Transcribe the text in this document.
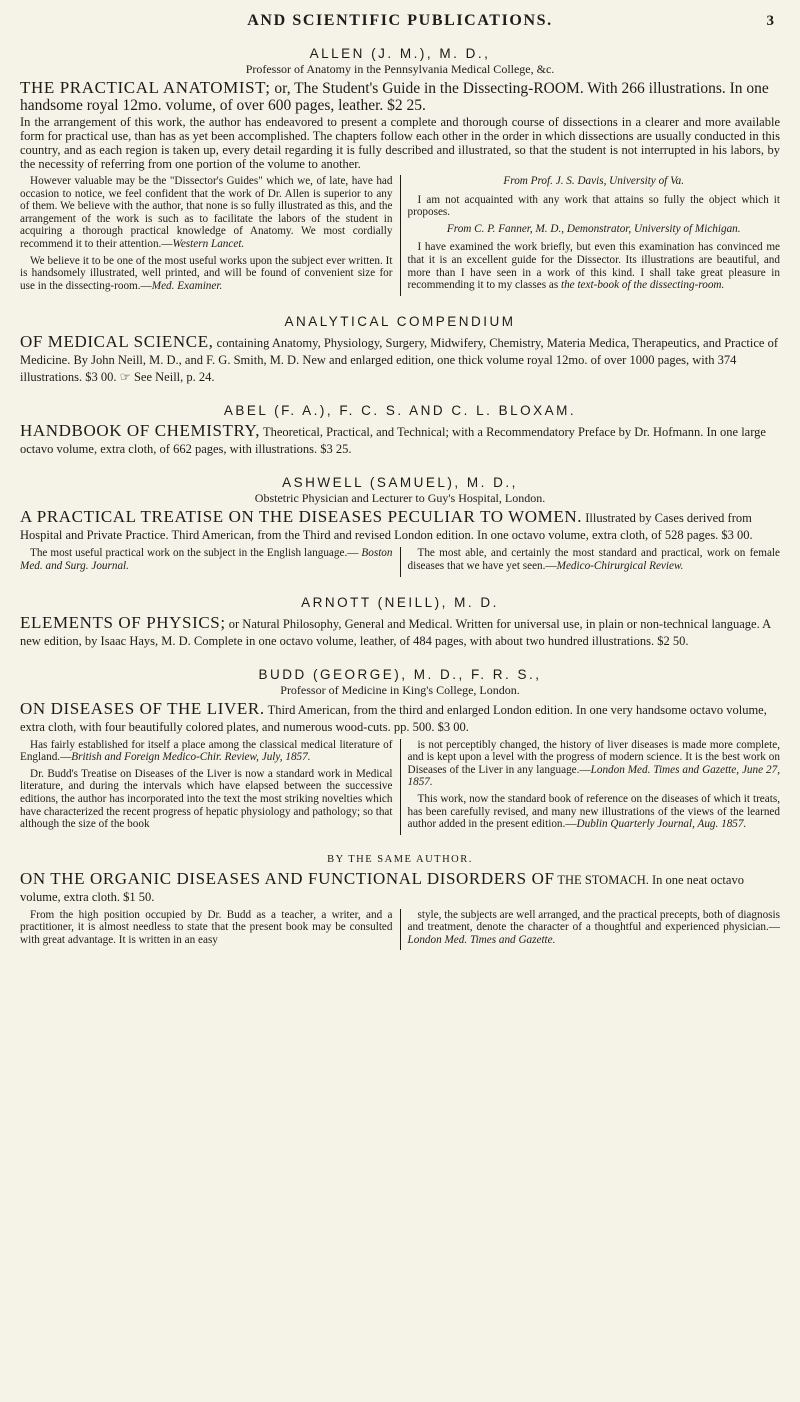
AND SCIENTIFIC PUBLICATIONS.	3
ALLEN (J. M.), M. D.,
Professor of Anatomy in the Pennsylvania Medical College, &c.
THE PRACTICAL ANATOMIST; or, The Student's Guide in the Dissecting-ROOM. With 266 illustrations. In one handsome royal 12mo. volume, of over 600 pages, leather. $2 25.
In the arrangement of this work, the author has endeavored to present a complete and thorough course of dissections in a clearer and more available form for practical use, than has as yet been accomplished. The chapters follow each other in the order in which dissections are usually conducted in this country, and as each region is taken up, every detail regarding it is fully described and illustrated, so that the student is not interrupted in his labors, by the necessity of referring from one portion of the volume to another.

However valuable may be the "Dissector's Guides" which we, of late, have had occasion to notice, we feel confident that the work of Dr. Allen is superior to any of them. We believe with the author, that none is so fully illustrated as this, and the arrangement of the work is such as to facilitate the labors of the student in acquiring a thorough practical knowledge of Anatomy. We most cordially recommend it to their attention.—Western Lancet.

We believe it to be one of the most useful works upon the subject ever written. It is handsomely illustrated, well printed, and will be found of convenient size for use in the dissecting-room.—Med. Examiner.

From Prof. J. S. Davis, University of Va.

I am not acquainted with any work that attains so fully the object which it proposes.

From C. P. Fanner, M. D., Demonstrator, University of Michigan.

I have examined the work briefly, but even this examination has convinced me that it is an excellent guide for the Dissector. Its illustrations are beautiful, and more than I have seen in a work of this kind. I shall take great pleasure in recommending it to my classes as the text-book of the dissecting-room.

ANALYTICAL COMPENDIUM
OF MEDICAL SCIENCE, containing Anatomy, Physiology, Surgery, Midwifery, Chemistry, Materia Medica, Therapeutics, and Practice of Medicine. By John Neill, M. D., and F. G. Smith, M. D. New and enlarged edition, one thick volume royal 12mo. of over 1000 pages, with 374 illustrations. $3 00. ☞ See Neill, p. 24.
ABEL (F. A.), F. C. S. AND C. L. BLOXAM.
HANDBOOK OF CHEMISTRY, Theoretical, Practical, and Technical; with a Recommendatory Preface by Dr. Hofmann. In one large octavo volume, extra cloth, of 662 pages, with illustrations. $3 25.
ASHWELL (SAMUEL), M. D.,
Obstetric Physician and Lecturer to Guy's Hospital, London.
A PRACTICAL TREATISE ON THE DISEASES PECULIAR TO WOMEN. Illustrated by Cases derived from Hospital and Private Practice. Third American, from the Third and revised London edition. In one octavo volume, extra cloth, of 528 pages. $3 00.

The most useful practical work on the subject in the English language.— Boston Med. and Surg. Journal.

The most able, and certainly the most standard and practical, work on female diseases that we have yet seen.—Medico-Chirurgical Review.

ARNOTT (NEILL), M. D.
ELEMENTS OF PHYSICS; or Natural Philosophy, General and Medical. Written for universal use, in plain or non-technical language. A new edition, by Isaac Hays, M. D. Complete in one octavo volume, leather, of 484 pages, with about two hundred illustrations. $2 50.
BUDD (GEORGE), M. D., F. R. S.,
Professor of Medicine in King's College, London.
ON DISEASES OF THE LIVER. Third American, from the third and enlarged London edition. In one very handsome octavo volume, extra cloth, with four beautifully colored plates, and numerous wood-cuts. pp. 500. $3 00.

Has fairly established for itself a place among the classical medical literature of England.—British and Foreign Medico-Chir. Review, July, 1857.

Dr. Budd's Treatise on Diseases of the Liver is now a standard work in Medical literature, and during the intervals which have elapsed between the successive editions, the author has incorporated into the text the most striking novelties which have characterized the recent progress of hepatic physiology and pathology; so that although the size of the book

is not perceptibly changed, the history of liver diseases is made more complete, and is kept upon a level with the progress of modern science. It is the best work on Diseases of the Liver in any language.—London Med. Times and Gazette, June 27, 1857.

This work, now the standard book of reference on the diseases of which it treats, has been carefully revised, and many new illustrations of the views of the learned author added in the present edition.—Dublin Quarterly Journal, Aug. 1857.

BY THE SAME AUTHOR.
ON THE ORGANIC DISEASES AND FUNCTIONAL DISORDERS OF THE STOMACH. In one neat octavo volume, extra cloth. $1 50.

From the high position occupied by Dr. Budd as a teacher, a writer, and a practitioner, it is almost needless to state that the present book may be consulted with great advantage. It is written in an easy

style, the subjects are well arranged, and the practical precepts, both of diagnosis and treatment, denote the character of a thoughtful and experienced physician.—London Med. Times and Gazette.
